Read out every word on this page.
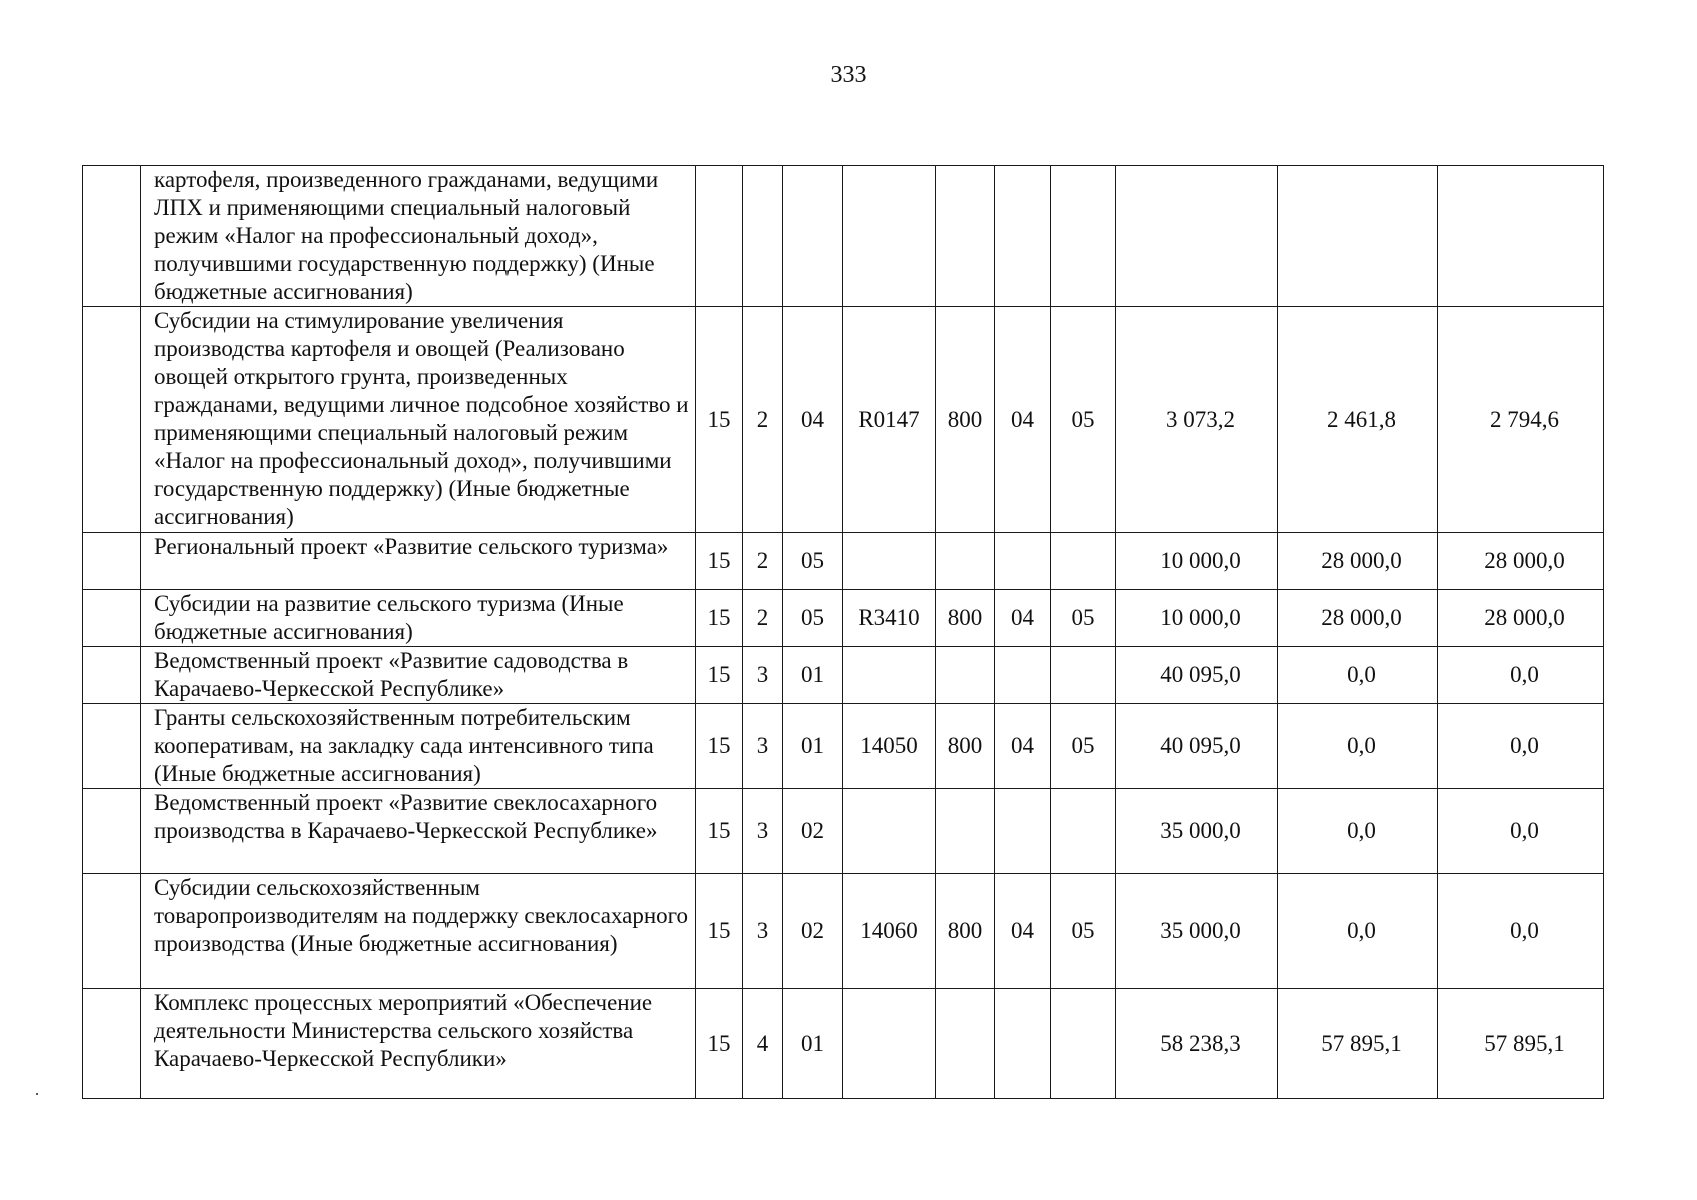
333
	картофеля, произведенного гражданами, ведущими ЛПХ и применяющими специальный налоговый режим «Налог на профессиональный доход», получившими государственную поддержку) (Иные бюджетные ассигнования)										
	Субсидии на стимулирование увеличения производства картофеля и овощей (Реализовано овощей открытого грунта, произведенных гражданами, ведущими личное подсобное хозяйство и применяющими специальный налоговый режим «Налог на профессиональный доход», получившими государственную поддержку) (Иные бюджетные ассигнования)	15	2	04	R0147	800	04	05	3 073,2	2 461,8	2 794,6
	Региональный проект «Развитие сельского туризма»	15	2	05					10 000,0	28 000,0	28 000,0
	Субсидии на развитие сельского туризма (Иные бюджетные ассигнования)	15	2	05	R3410	800	04	05	10 000,0	28 000,0	28 000,0
	Ведомственный проект «Развитие садоводства в Карачаево-Черкесской Республике»	15	3	01					40 095,0	0,0	0,0
	Гранты сельскохозяйственным потребительским кооперативам, на закладку сада интенсивного типа (Иные бюджетные ассигнования)	15	3	01	14050	800	04	05	40 095,0	0,0	0,0
	Ведомственный проект «Развитие свеклосахарного производства в Карачаево-Черкесской Республике»	15	3	02					35 000,0	0,0	0,0
	Субсидии сельскохозяйственным товаропроизводителям на поддержку свеклосахарного производства (Иные бюджетные ассигнования)	15	3	02	14060	800	04	05	35 000,0	0,0	0,0
	Комплекс процессных мероприятий «Обеспечение деятельности Министерства сельского хозяйства Карачаево-Черкесской Республики»	15	4	01					58 238,3	57 895,1	57 895,1
